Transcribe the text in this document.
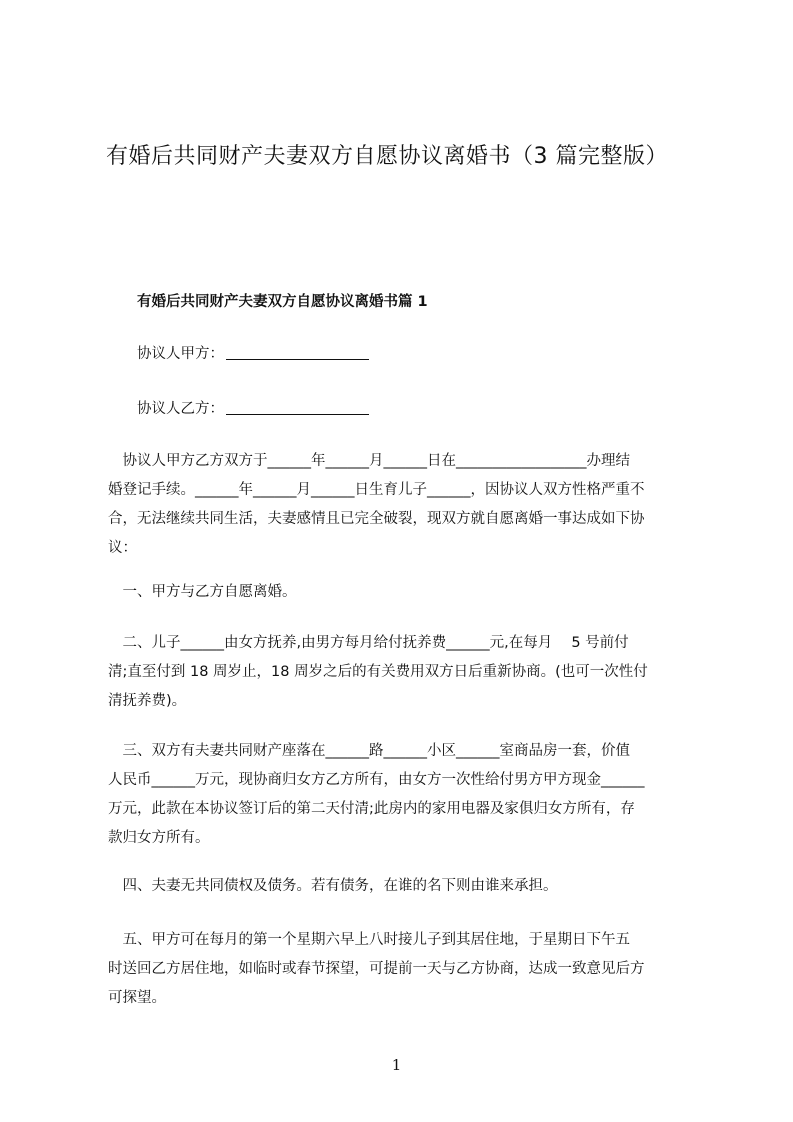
有婚后共同财产夫妻双方自愿协议离婚书（3 篇完整版）
有婚后共同财产夫妻双方自愿协议离婚书篇 1
协议人甲方：
协议人乙方：
　协议人甲方乙方双方于______年______月______日在__________________办理结
婚登记手续。______年______月______日生育儿子______，因协议人双方性格严重不
合，无法继续共同生活，夫妻感情且已完全破裂，现双方就自愿离婚一事达成如下协
议：
　一、甲方与乙方自愿离婚。
　二、儿子______由女方抚养,由男方每月给付抚养费______元,在每月　 5 号前付
清;直至付到 18 周岁止，18 周岁之后的有关费用双方日后重新协商。(也可一次性付
清抚养费)。
　三、双方有夫妻共同财产座落在______路______小区______室商品房一套，价值
人民币______万元，现协商归女方乙方所有，由女方一次性给付男方甲方现金______
万元，此款在本协议签订后的第二天付清;此房内的家用电器及家俱归女方所有，存
款归女方所有。
　四、夫妻无共同债权及债务。若有债务，在谁的名下则由谁来承担。
　五、甲方可在每月的第一个星期六早上八时接儿子到其居住地，于星期日下午五
时送回乙方居住地，如临时或春节探望，可提前一天与乙方协商，达成一致意见后方
可探望。
1
